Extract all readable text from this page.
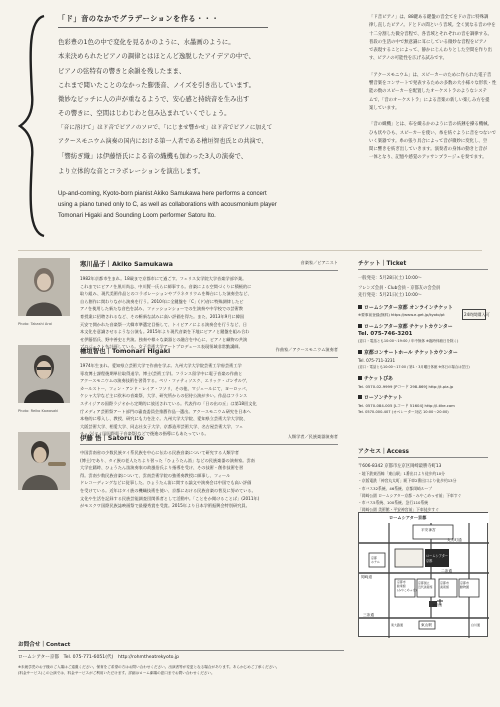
「ド」音のなかでグラデーションを作る・・・
色彩豊の1色の中で変化を見るかのように、水墨画のように。
本来決められたピアノの調律とはほとんど逸脱したアイデアの中で、
ピアノの弦特有の響きと余韻を残したまま、
これまで聞いたことのなかった膨張音、ノイズを引き出しています。
微妙なピッチに人の声が重なるようで、安心感と持続音を生み出す
その響きに、空間はじわじわと包み込まれていくでしょう。
「音に溶けて」はド音でピアノのソロで、「にじませ響かせ」はド音でピアノに加えて
アクースモニウム演奏の国内における第一人者である檜垣智也氏との共演で、
「響紡ぎ織」は伊藤悟氏による音の織機も加わった3人の演奏で、
より立体的な音とコラボレーションを演出します。
Up-and-coming, Kyoto-born pianist Akiko Samukawa here performs a concert
using a piano tuned only to C, as well as collaborations with acousmonium player
Tomonari Higaki and Sounding Loom performer Satoru Ito.
「ド音ピアノ」は、88鍵ある鍵盤の音全てをドの音に特殊調
律し直したピアノ。ドとドの間という音域。全く異なる音の中を
十二分割した微分音程で、各音域とそれぞれの音を調律する。
普段の生活の中で無意識に耳にしている微妙な音程をピアノ
で表現することによって、静かにじんわりとした空間を作り出
す、ピアノの可能性を広げる試みです。
「アクースモニウム」は、スピーカーのために作られた電子音
響音楽をコンサートで発表するための多数の大小様々な形状・性
能の数のスピーカーを配置したオーケストラのようなシステ
ムで、「音のオーケストラ」による音楽の新しい楽しみ方を提
案しています。
「音の織機」とは、布を織るかのように音の紡錘を操る機械。
ひも状やひも、スピーカーを使い、糸を紡ぐように音をつないで
いく楽器です。糸の張り具合によって音が微妙に変化し、空
間に響きを紡ぎ出していきます。演奏者の身体の動きと音が
一体となり、記憶や感覚のアッサンブラージュを奏でます。
Photo: Takashi Arai
寒川晶子｜Akiko Samukawa	音楽家／ピアニスト
1982年京都市生まれ。18歳まで京都市にて過ごす。フェリス女学院大学音楽学部卒業。
これまでにピアノを黒川尚志、中川賢一氏らに師事する。音楽による空間づくりに積極的に
取り組み、現代美術作品とのコラボレーションやプラネタリウムを舞台にした演奏会など、
自ら創作に関わりながら演奏を行う。2010年に全鍵盤を「C」(ド)音に特殊調律したピ
アノを使用した新たな音色を試み、ファッションショーでの生演奏や中学校での芸術教
育授業に招聘されるなど、その斬新な試みに高い評価を得た。また、2013年9月に韓国
天安で開かれた音楽祭一大韓市準選定目指して、トイピアノによる演奏会を行うなど、日
本文化を意識させるような公演も。2015年より現代音楽を下地にピアノと鍵盤を組み合わ
せ伊藤悟氏、野中善史と共演。独奏や様々な楽器との融合を中心に、ピアノと織物の共演
プロジェクトを計画している。女子美術大学アートプロデュース表現領域非常勤講師。
Photo: Reiko Kawasaki
檜垣智也｜Tomonari Higaki	作曲家／アクースモニウム演奏者
1974年生まれ。愛知県立芸術大学で作曲を学ぶ。九州大学大学院芸術工学府芸術工学
専攻博士課程後期単位取得退学。博士(芸術工学)。フランス留学中に電子音楽の作曲と
アクースモニウムの演奏技術を習得する。ペリ・ファティソスク、エリック・ゴンサルヴ、
カールストー、フィン・アンド・レイア・フソリ、その他、マジェールにて、ヨーロッパ、
ケシャ大学など主に欧米の音楽祭、大学、研究所からの招待公演が多い。作品はフランス
ステイジアの国際ラジオから定期的に放送されている。代表作の「日の出の丘」は第18回文化
庁メディア芸術祭アート部門の審査委員会推薦作品一選出。アクースモニウム研究を日本へ
本格的に導入し、教授、研究にも力を注ぐ。九州大学大学院、愛知県立芸術大学大学院、
大阪芸術大学、相愛大学、同志社女子大学、京都造形芸術大学、名古屋芸術大学、フェ
チュラ(タイ国国際電子音楽祭)などで後進の指導にもあたっている。
伊藤 悟｜Satoru Ito	人類学者／民族楽器演奏者
中国雲南省の少数民族タイ系民族を中心に伝わる民族音楽について研究する人類学者
(博士)であり、タイ族の老人たちより習った「ひょうたん笛」などの民族楽器の演奏家。雲南
大学在籍時、ひょうたん笛演奏家の故風俗氏より指導を受け、その技術・創作技術を習
得。雲南少数民族音楽について、雲南芸術学院の強勇奏教授に師事し、フィール
ドレコーディングなどに従事した。ひょうたん笛に関する論文や演奏会は中国でも高い評価
を受けている。近年はタイ族の機織技術を使い、京都における民族音楽の普及に努めている。
文化や生活を記録する民族芸能調査団関係者として活動中。「ことをか聞けることば」(2011年)
がモスクワ国際民族誌映画祭で最優秀賞を受賞。2015年より日本学術振興会特別研究員。
お問合せ｜Contact
ロームシアター京都　Tel. 075-771-6051(代)　http://rohmtheatrekyoto.jp
※未就学児のお子様のご入場はご遠慮ください。保育をご希望の方はお問い合わせください。出演者等が変更となる場合があります。あらかじめご了承ください。
(料金サービス)この公演では、料金サービスがご利用いただけます。詳細はローム劇場の窓口までお問い合わせください。
チケット｜Ticket
一般発売：5月28日(土) 10:00〜
フレンズ会員・Club会員・京都友の会会員
先行発売：5月21日(土) 10:00〜
ロームシアター京都 オンラインチケット
※要事前登録(無料) https://www.e-get.jp/kyoto/pt	24時間購入可
ロームシアター京都 チケットカウンター
Tel. 075-746-3201
(窓口・電話とも10:00〜19:00 / 年中無休 ※臨時休館日を除く)
京都コンサートホール チケットカウンター
Tel. 075-711-3231
(窓口・電話とも10:00〜17:00 / 第1・3月曜日休館 ※休日の場合は翌日)
チケットぴあ
Tel. 0570-02-9999 [Pコード 298-869] http://t.pia.jp
ローソンチケット
Tel. 0570-084-005 [Lコード 51604] http://l-tike.com
Tel. 0570-000-407 (オペレーター対応 10:00〜20:00)
アクセス｜Access
〒606-8342 京都市左京区岡崎最勝寺町13
・地下鉄東西線「東山駅」1番出口より徒歩約10分
・京阪電鉄「神宮丸太町」駅下車2番出口より徒歩約13分
・市バス32系統、46系統、京都岡崎ループ
「岡崎公園 ロームシアター京都・みやこめっせ前」下車すぐ
・市バス5系統、100系統、急行110系統
「岡崎公園 美術館・平安神宮前」下車徒歩すぐ
ロームシアター京都
平安神宮
丸太町通
二条通
岡崎道
京都
ホテル
ロームシアター
京都
京都市
勧業館
(みやこめっせ)
京都国立
近代美術館
京都市
美術館
京都市
動物園
東山駅
三条通
神宮道
東大路通	白川通
